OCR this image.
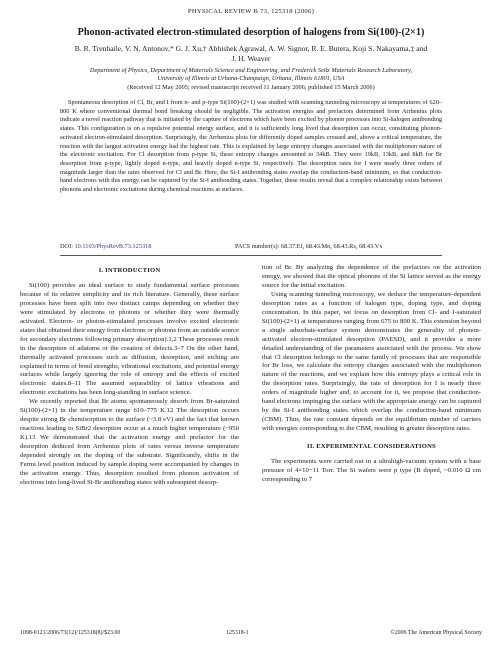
PHYSICAL REVIEW B 73, 125318 (2006)
Phonon-activated electron-stimulated desorption of halogens from Si(100)-(2×1)
B. R. Trenhaile, V. N. Antonov,* G. J. Xu,† Abhishek Agrawal, A. W. Signor, R. E. Butera, Koji S. Nakayama,‡ and
J. H. Weaver
Department of Physics, Department of Materials Science and Engineering, and Frederick Seitz Materials Research Laboratory,
University of Illinois at Urbana-Champaign, Urbana, Illinois 61801, USA
(Received 12 May 2005; revised manuscript received 11 January 2006; published 15 March 2006)
Spontaneous desorption of Cl, Br, and I from n- and p-type Si(100)-(2×1) was studied with scanning tunneling microscopy at temperatures of 620–800 K where conventional thermal bond breaking should be negligible. The activation energies and prefactors determined from Arrhenius plots indicate a novel reaction pathway that is initiated by the capture of electrons which have been excited by phonon processes into Si-halogen antibonding states. This configuration is on a repulsive potential energy surface, and it is sufficiently long lived that desorption can occur, constituting phonon-activated electron-stimulated desorption. Surprisingly, the Arrhenius plots for differently doped samples crossed and, above a critical temperature, the reaction with the largest activation energy had the highest rate. This is explained by large entropy changes associated with the multiphonon nature of the electronic excitation. For Cl desorption from p-type Si, these entropy changes amounted to 34kB. They were 19kB, 13kB, and 8kB for Br desorption from p-type, lightly doped n-type, and heavily doped n-type Si, respectively. The desorption rates for I were nearly three orders of magnitude larger than the rates observed for Cl and Br. Here, the Si-I antibonding states overlap the conduction-band minimum, so that conduction-band electrons with this energy can be captured by the Si-I antibonding states. Together, these results reveal that a complex relationship exists between phonons and electronic excitations during chemical reactions at surfaces.
DOI: 10.1103/PhysRevB.73.125318	PACS number(s): 68.37.Ef, 68.43.Mn, 68.43.Rs, 68.43.Vx
I. INTRODUCTION

Si(100) provides an ideal surface to study fundamental surface processes because of its relative simplicity and its rich literature. Generally, these surface processes have been split into two distinct camps depending on whether they were stimulated by electrons or photons or whether they were thermally activated. Electron- or photon-stimulated processes involve excited electronic states that obtained their energy from electrons or photons from an outside source for secondary electrons following primary absorption).1,2 These processes result in the desorption of adatoms or the creation of defects.3–7 On the other hand, thermally activated processes such as diffusion, desorption, and etching are explained in terms of bond strengths, vibrational excitations, and potential energy surfaces while largely ignoring the role of entropy and the effects of excited electronic states.8–11 The assumed separability of lattice vibrations and electronic excitations has been long-standing in surface science.

We recently reported that Br atoms spontaneously desorb from Br-saturated Si(100)-(2×1) in the temperature range 610–775 K.12 The desorption occurs despite strong Br chemisorption to the surface (~3.8 eV) and the fact that known reactions leading to SiBr2 desorption occur at a much higher temperature (~950 K).13 We demonstrated that the activation energy and prefactor for the desorption deduced from Arrhenius plots of rates versus inverse temperature depended strongly on the doping of the substrate. Significantly, shifts in the Fermi level position induced by sample doping were accompanied by changes in the activation energy. Thus, desorption resulted from phonon activation of electrons into long-lived Si-Br antibonding states with subsequent desorp-

tion of Br. By analyzing the dependence of the prefactors on the activation energy, we showed that the optical phonons of the Si lattice served as the energy source for the initial excitation.

Using scanning tunneling microscopy, we deduce the temperature-dependent desorption rates as a function of halogen type, doping type, and doping concentration. In this paper, we focus on desorption from Cl- and I-saturated Si(100)-(2×1) at temperatures ranging from 675 to 800 K. This extension beyond a single adsorbate-surface system demonstrates the generality of phonon-activated electron-stimulated desorption (PAESD), and it provides a more detailed understanding of the parameters associated with the process. We show that Cl desorption belongs to the same family of processes that are responsible for Br loss, we calculate the entropy changes associated with the multiphonon nature of the reactions, and we explain how this entropy plays a critical role in the desorption rates. Surprisingly, the rate of desorption for I is nearly three orders of magnitude higher and, to account for it, we propose that conduction-band electrons impinging the surface with the appropriate energy can be captured by the Si-I antibonding states which overlap the conduction-band minimum (CBM). Thus, the rate constant depends on the equilibrium number of carriers with energies corresponding to the CBM, resulting in greater desorption rates.

II. EXPERIMENTAL CONSIDERATIONS

The experiments were carried out in a ultrahigh-vacuum system with a base pressure of 4×10−11 Torr. The Si wafers were p type (B doped, ~0.010 Ω cm corresponding to 7

1098-0121/2006/73(12)/125318(8)/$23.00	125318-1	©2006 The American Physical Society
